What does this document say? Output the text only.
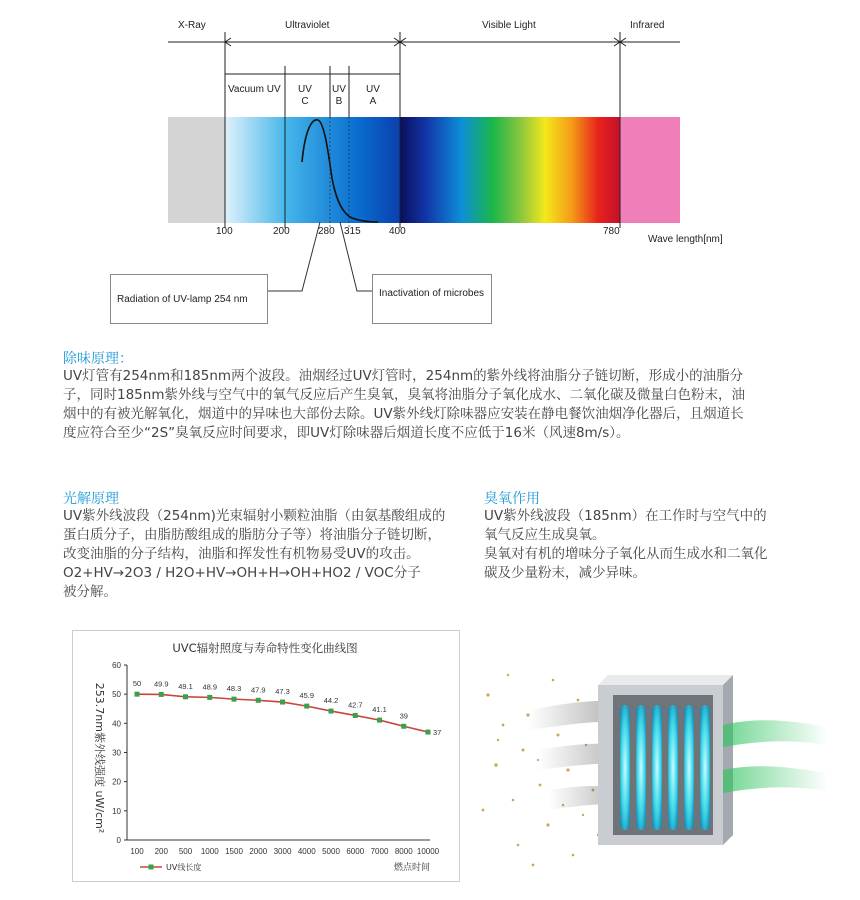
X-Ray	Ultraviolet	Visible Light	Infrared
Vacuum UV UV
C
UV
B
UV
A
100	200	280 315	400	780
Wave length[nm]
Radiation of UV-lamp 254 nm
Inactivation of microbes
除味原理：
UV灯管有254nm和185nm两个波段。油烟经过UV灯管时，254nm的紫外线将油脂分子链切断，形成小的油脂分
子，同时185nm紫外线与空气中的氧气反应后产生臭氧，臭氧将油脂分子氧化成水、二氧化碳及微量白色粉末，油
烟中的有被光解氧化，烟道中的异味也大部份去除。UV紫外线灯除味器应安装在静电餐饮油烟净化器后，且烟道长
度应符合至少“2S”臭氧反应时间要求，即UV灯除味器后烟道长度不应低于16米（风速8m/s）。
光解原理
UV紫外线波段（254nm)光束辐射小颗粒油脂（由氨基酸组成的
蛋白质分子，由脂肪酸组成的脂肪分子等）将油脂分子链切断，
改变油脂的分子结构，油脂和挥发性有机物易受UV的攻击。
O2+HV→2O3 / H2O+HV→OH+H→OH+HO2 / VOC分子
被分解。
臭氧作用
UV紫外线波段（185nm）在工作时与空气中的
氧气反应生成臭氧。
臭氧对有机的增味分子氧化从而生成水和二氧化
碳及少量粉末，减少异味。
UVC辐射照度与寿命特性变化曲线图
253.7nm紫外线强度 uW/cm²
0
10
20
30
40
50
60
100 200 500 1000 1500 2000 3000 4000 5000 6000 7000 8000 10000
50 49.9 49.1 48.9 48.3 47.9 47.3 45.9
44.2 42.7
41.1
39
37
UV线长度	燃点时间
